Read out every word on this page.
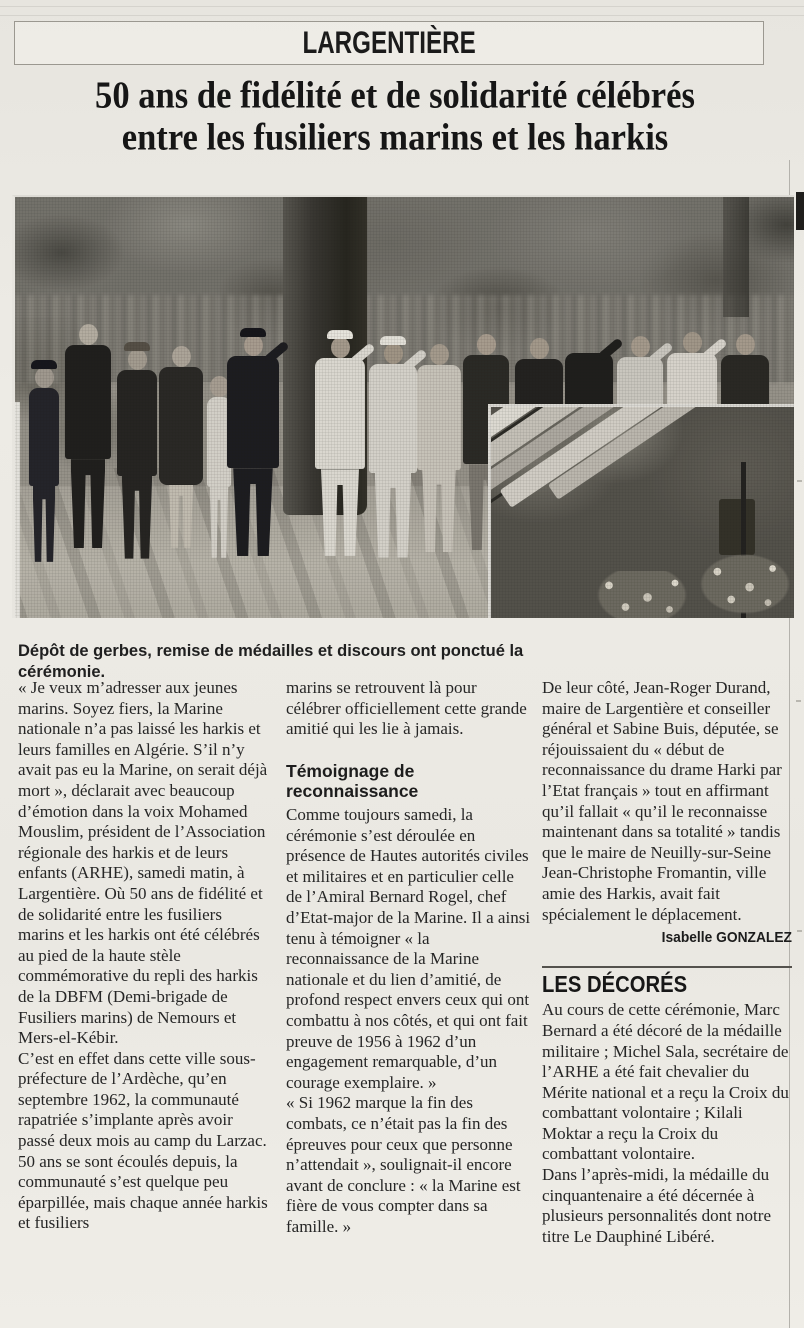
LARGENTIÈRE
50 ans de fidélité et de solidarité célébrés
entre les fusiliers marins et les harkis

Dépôt de gerbes, remise de médailles et discours ont ponctué la cérémonie.

« Je veux m’adresser aux jeunes marins. Soyez fiers, la Marine nationale n’a pas laissé les harkis et leurs familles en Algérie. S’il n’y avait pas eu la Marine, on serait déjà mort », déclarait avec beaucoup d’émotion dans la voix Mohamed Mouslim, président de l’Association régionale des harkis et de leurs enfants (ARHE), samedi matin, à Largentière. Où 50 ans de fidélité et de solidarité entre les fusiliers marins et les harkis ont été célébrés au pied de la haute stèle commémorative du repli des harkis de la DBFM (Demi-brigade de Fusiliers marins) de Nemours et Mers-el-Kébir.

C’est en effet dans cette ville sous-préfecture de l’Ardèche, qu’en septembre 1962, la communauté rapatriée s’implante après avoir passé deux mois au camp du Larzac. 50 ans se sont écoulés depuis, la communauté s’est quelque peu éparpillée, mais chaque année harkis et fusiliers

marins se retrouvent là pour célébrer officiellement cette grande amitié qui les lie à jamais.

Témoignage de reconnaissance

Comme toujours samedi, la cérémonie s’est déroulée en présence de Hautes autorités civiles et militaires et en particulier celle de l’Amiral Bernard Rogel, chef d’Etat-major de la Marine. Il a ainsi tenu à témoigner « la reconnaissance de la Marine nationale et du lien d’amitié, de profond respect envers ceux qui ont combattu à nos côtés, et qui ont fait preuve de 1956 à 1962 d’un engagement remarquable, d’un courage exemplaire. »

« Si 1962 marque la fin des combats, ce n’était pas la fin des épreuves pour ceux que personne n’attendait », soulignait-il encore avant de conclure : « la Marine est fière de vous compter dans sa famille. »

De leur côté, Jean-Roger Durand, maire de Largentière et conseiller général et Sabine Buis, députée, se réjouissaient du « début de reconnaissance du drame Harki par l’Etat français » tout en affirmant qu’il fallait « qu’il le reconnaisse maintenant dans sa totalité » tandis que le maire de Neuilly-sur-Seine Jean-Christophe Fromantin, ville amie des Harkis, avait fait spécialement le déplacement.

Isabelle GONZALEZ
LES DÉCORÉS

Au cours de cette cérémonie, Marc Bernard a été décoré de la médaille militaire ; Michel Sala, secrétaire de l’ARHE a été fait chevalier du Mérite national et a reçu la Croix du combattant volontaire ; Kilali Moktar a reçu la Croix du combattant volontaire.

Dans l’après-midi, la médaille du cinquantenaire a été décernée à plusieurs personnalités dont notre titre Le Dauphiné Libéré.
